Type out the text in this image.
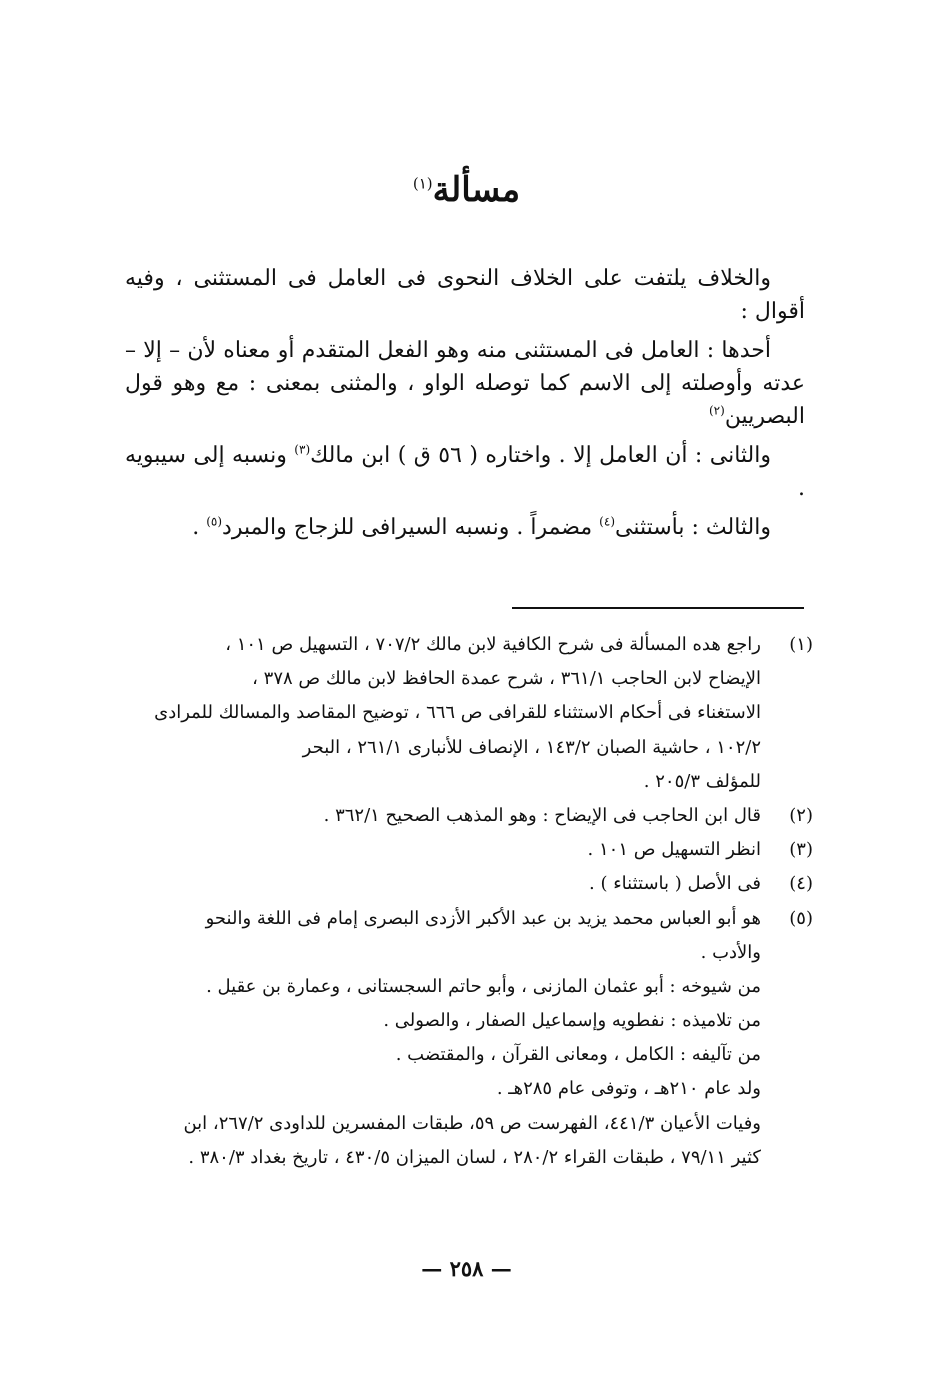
مسألة$^{(١)}$

والخلاف يلتفت على الخلاف النحوى فى العامل فى المستثنى ، وفيه أقوال :

أحدها : العامل فى المستثنى منه وهو الفعل المتقدم أو معناه لأن – إلا – عدته وأوصلته إلى الاسم كما توصله الواو ، والمثنى بمعنى : مع وهو قول البصريين$^{(٢)}$

والثانى : أن العامل إلا . واختاره ( ٥٦ ق ) ابن مالك$^{(٣)}$ ونسبه إلى سيبويه .

والثالث : بأستثنى$^{(٤)}$ مضمراً . ونسبه السيرافى للزجاج والمبرد$^{(٥)}$ .

(١)
راجع هده المسألة فى شرح الكافية لابن مالك ٧٠٧/٢ ، التسهيل ص ١٠١ ،
الإيضاح لابن الحاجب ٣٦١/١ ، شرح عمدة الحافظ لابن مالك ص ٣٧٨ ،
الاستغناء فى أحكام الاستثناء للقرافى ص ٦٦٦ ، توضيح المقاصد والمسالك للمرادى
١٠٢/٢ ، حاشية الصبان ١٤٣/٢ ، الإنصاف للأنبارى ٢٦١/١ ، البحر
للمؤلف ٢٠٥/٣ .
(٢)
قال ابن الحاجب فى الإيضاح : وهو المذهب الصحيح ٣٦٢/١ .
(٣)
انظر التسهيل ص ١٠١ .
(٤)
فى الأصل ( باستثناء ) .
(٥)
هو أبو العباس محمد يزيد بن عبد الأكبر الأزدى البصرى إمام فى اللغة والنحو
والأدب .
من شيوخه : أبو عثمان المازنى ، وأبو حاتم السجستانى ، وعمارة بن عقيل .
من تلاميذه : نفطويه وإسماعيل الصفار ، والصولى .
من تآليفه : الكامل ، ومعانى القرآن ، والمقتضب .
ولد عام ٢١٠هـ ، وتوفى عام ٢٨٥هـ .
وفيات الأعيان ٤٤١/٣، الفهرست ص ٥٩، طبقات المفسرين للداودى ٢٦٧/٢، ابن
كثير ٧٩/١١ ، طبقات القراء ٢٨٠/٢ ، لسان الميزان ٤٣٠/٥ ، تاريخ بغداد ٣٨٠/٣ .
— ٢٥٨ —
